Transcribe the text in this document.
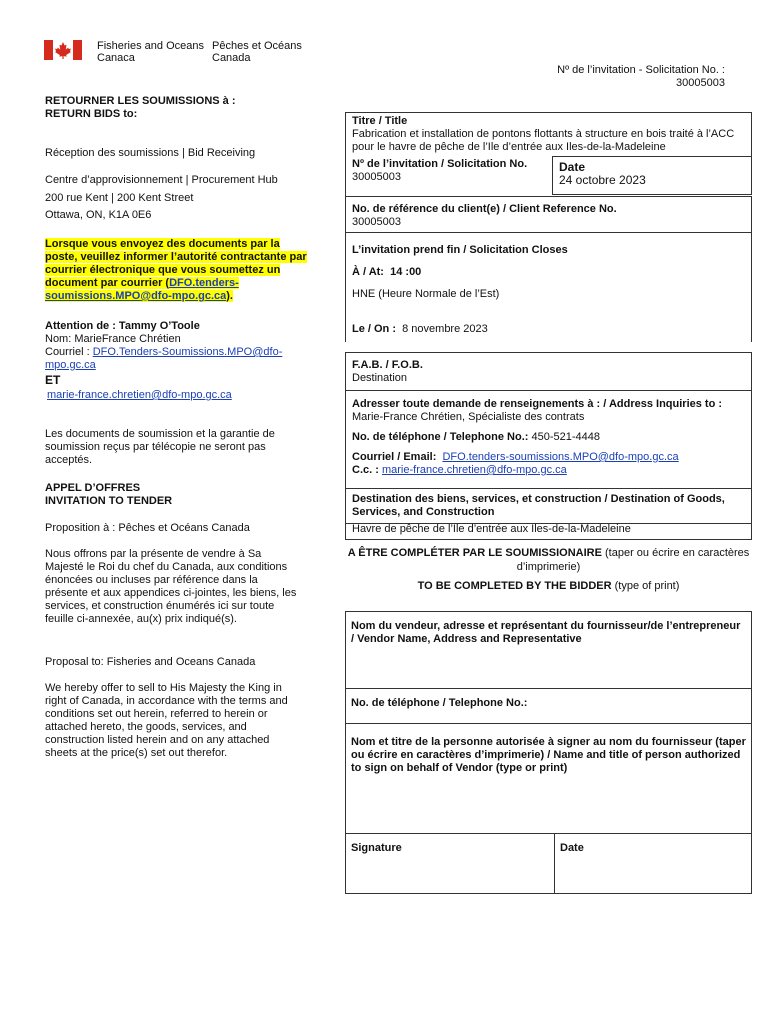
Fisheries and Oceans
Canaca
Pêches et Océans
Canada
Nº de l’invitation - Solicitation No. :
30005003
RETOURNER LES SOUMISSIONS à :
RETURN BIDS to:
Réception des soumissions | Bid Receiving
Centre d’approvisionnement | Procurement Hub
200 rue Kent | 200 Kent Street
Ottawa, ON, K1A 0E6
Lorsque vous envoyez des documents par la poste, veuillez informer l’autorité contractante par courrier électronique que vous soumettez un document par courrier (DFO.tenders-soumissions.MPO@dfo-mpo.gc.ca).
Attention de : Tammy O’Toole
Nom: MarieFrance Chrétien
Courriel : DFO.Tenders-Soumissions.MPO@dfo-mpo.gc.ca
ET
marie-france.chretien@dfo-mpo.gc.ca
Les documents de soumission et la garantie de soumission reçus par télécopie ne seront pas acceptés.
APPEL D’OFFRES
INVITATION TO TENDER
Proposition à : Pêches et Océans Canada
Nous offrons par la présente de vendre à Sa Majesté le Roi du chef du Canada, aux conditions énoncées ou incluses par référence dans la présente et aux appendices ci-jointes, les biens, les services, et construction énumérés ici sur toute feuille ci-annexée, au(x) prix indiqué(s).
Proposal to: Fisheries and Oceans Canada
We hereby offer to sell to His Majesty the King in right of Canada, in accordance with the terms and conditions set out herein, referred to herein or attached hereto, the goods, services, and construction listed herein and on any attached sheets at the price(s) set out therefor.
Titre / Title
Fabrication et installation de pontons flottants à structure en bois traité à l’ACC pour le havre de pêche de l’Ile d’entrée aux Iles-de-la-Madeleine
Nº de l’invitation / Solicitation No.
30005003
Date
24 octobre 2023
No. de référence du client(e) / Client Reference No.
30005003
L’invitation prend fin / Solicitation Closes
À / At: 14 :00
HNE (Heure Normale de l’Est)
Le / On : 8 novembre 2023
F.A.B. / F.O.B.
Destination
Adresser toute demande de renseignements à : / Address Inquiries to :
Marie-France Chrétien, Spécialiste des contrats
No. de téléphone / Telephone No.: 450-521-4448
Courriel / Email: DFO.tenders-soumissions.MPO@dfo-mpo.gc.ca
C.c. : marie-france.chretien@dfo-mpo.gc.ca
Destination des biens, services, et construction / Destination of Goods, Services, and Construction
Havre de pêche de l’Ile d’entrée aux Iles-de-la-Madeleine
A ÊTRE COMPLÉTER PAR LE SOUMISSIONAIRE (taper ou écrire en caractères d’imprimerie)
TO BE COMPLETED BY THE BIDDER (type of print)
Nom du vendeur, adresse et représentant du fournisseur/de l’entrepreneur / Vendor Name, Address and Representative
No. de téléphone / Telephone No.:
Nom et titre de la personne autorisée à signer au nom du fournisseur (taper ou écrire en caractères d’imprimerie) / Name and title of person authorized to sign on behalf of Vendor (type or print)
Signature	Date
